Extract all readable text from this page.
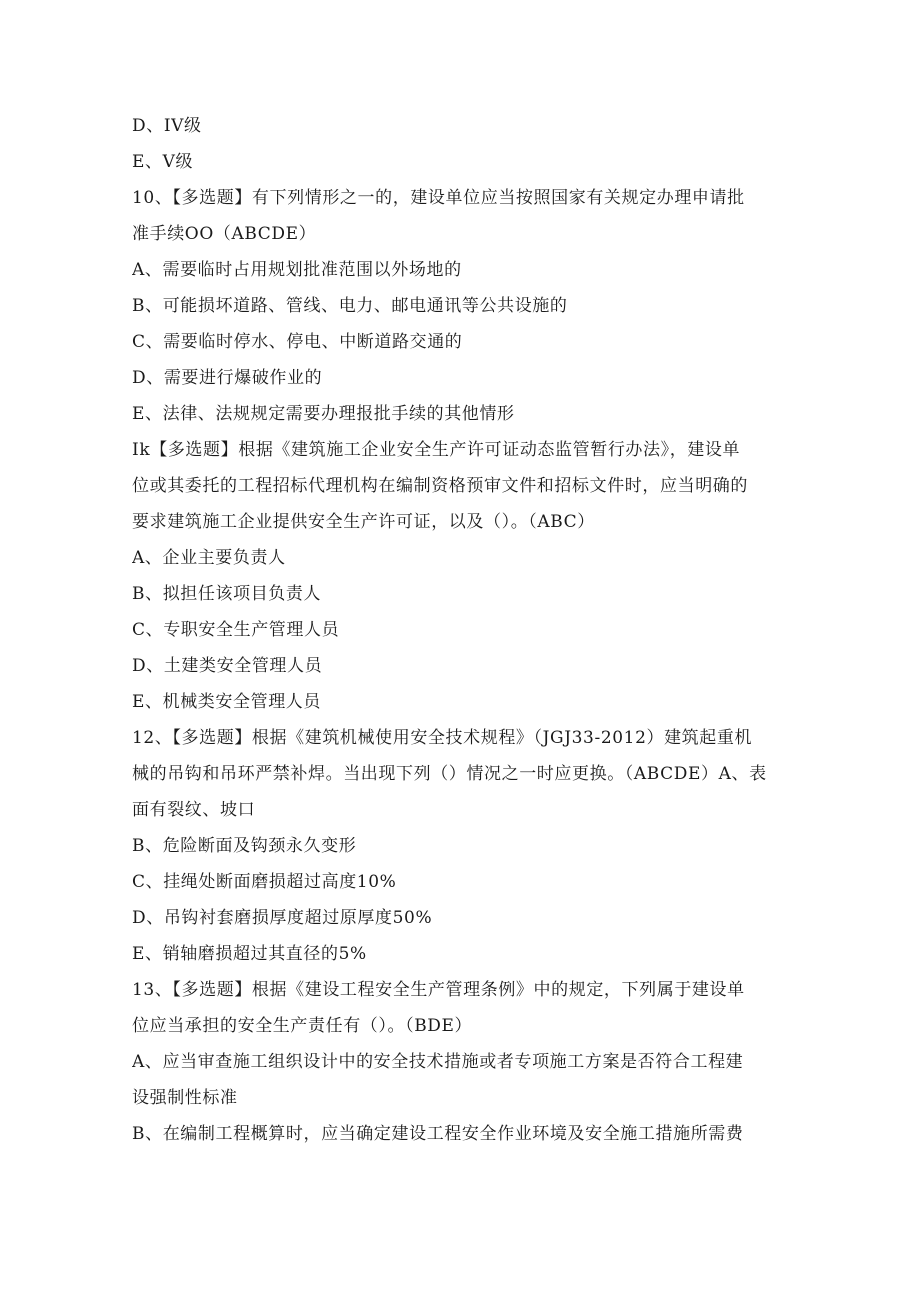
D、IV级
E、V级
10、【多选题】有下列情形之一的，建设单位应当按照国家有关规定办理申请批
准手续OO（ABCDE）
A、需要临时占用规划批准范围以外场地的
B、可能损坏道路、管线、电力、邮电通讯等公共设施的
C、需要临时停水、停电、中断道路交通的
D、需要进行爆破作业的
E、法律、法规规定需要办理报批手续的其他情形
Ik【多选题】根据《建筑施工企业安全生产许可证动态监管暂行办法》，建设单
位或其委托的工程招标代理机构在编制资格预审文件和招标文件时，应当明确的
要求建筑施工企业提供安全生产许可证，以及（）。（ABC）
A、企业主要负责人
B、拟担任该项目负责人
C、专职安全生产管理人员
D、土建类安全管理人员
E、机械类安全管理人员
12、【多选题】根据《建筑机械使用安全技术规程》（JGJ33-2012）建筑起重机
械的吊钩和吊环严禁补焊。当出现下列（）情况之一时应更换。（ABCDE）A、表
面有裂纹、坡口
B、危险断面及钩颈永久变形
C、挂绳处断面磨损超过高度10%
D、吊钩衬套磨损厚度超过原厚度50%
E、销轴磨损超过其直径的5%
13、【多选题】根据《建设工程安全生产管理条例》中的规定，下列属于建设单
位应当承担的安全生产责任有（）。（BDE）
A、应当审查施工组织设计中的安全技术措施或者专项施工方案是否符合工程建
设强制性标准
B、在编制工程概算时，应当确定建设工程安全作业环境及安全施工措施所需费
